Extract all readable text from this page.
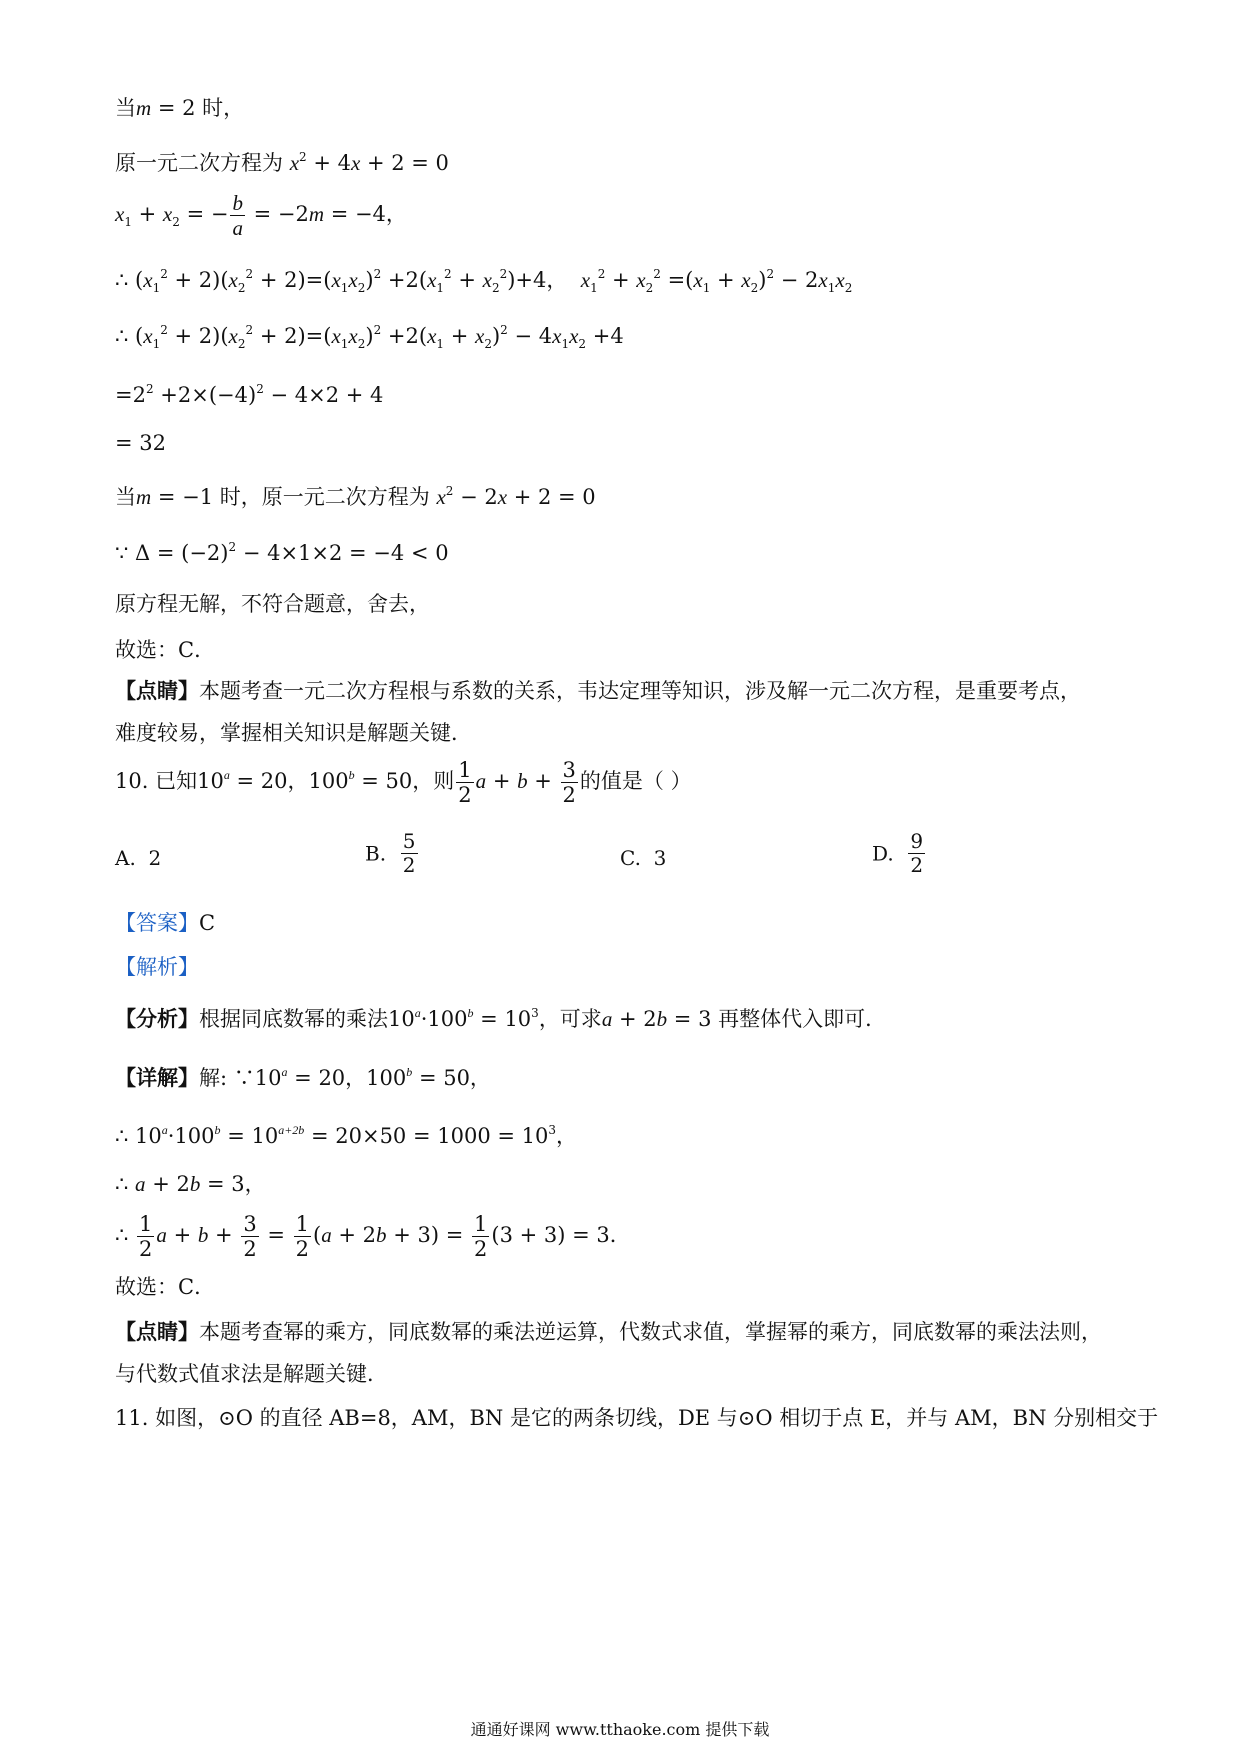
当m = 2 时，
原一元二次方程为 $x^2 + 4x + 2 = 0$
$x_1 + x_2$ = − $\frac{b}{a} = -2m = -4$，
∴ $(x_1^2 + 2)(x_2^2 + 2)=(x_1x_2)^2 +2(x_1^2 + x_2^2)+4$，  $x_1^2 + x_2^2 =(x_1 + x_2)^2 - 2x_1x_2$
∴ $(x_1^2 + 2)(x_2^2 + 2)=(x_1x_2)^2 +2(x_1 + x_2)^2 - 4x_1x_2 +4$
$=2^2 +2\times(-4)^2 - 4\times 2 + 4$
= 32
当m = −1 时，原一元二次方程为 $x^2 - 2x + 2 = 0$
∵ $\Delta = (-2)^2 - 4\times 1\times 2 = -4 < 0$
原方程无解，不符合题意，舍去，
故选：C．
【点睛】本题考查一元二次方程根与系数的关系，韦达定理等知识，涉及解一元二次方程，是重要考点，
难度较易，掌握相关知识是解题关键．
10. 已知$10^a = 20$，$100^b = 50$，则 $\frac{1}{2}$ $a + b + \frac{3}{2}$ 的值是（ ）
A. 2	B. $\frac{5}{2}$	C. 3	D. $\frac{9}{2}$
【答案】C
【解析】
【分析】根据同底数幂的乘法$10^a\cdot 100^b = 10^3$，可求a + 2b = 3 再整体代入即可．
【详解】解: $\because 10^a = 20$，$100^b = 50$，
∴ $10^a\cdot 100^b = 10^{a+2b} = 20\times 50 = 1000 = 10^3$，
∴ a + 2b = 3，
∴ $\frac{1}{2}$ $a + b + \frac{3}{2} = \frac{1}{2} (a + 2b + 3) = \frac{1}{2} (3 + 3) = 3$．
故选：C．
【点睛】本题考查幂的乘方，同底数幂的乘法逆运算，代数式求值，掌握幂的乘方，同底数幂的乘法法则，
与代数式值求法是解题关键．
11. 如图，⊙O 的直径 AB=8，AM，BN 是它的两条切线，DE 与⊙O 相切于点 E，并与 AM，BN 分别相交于
通通好课网 www.tthaoke.com 提供下载
